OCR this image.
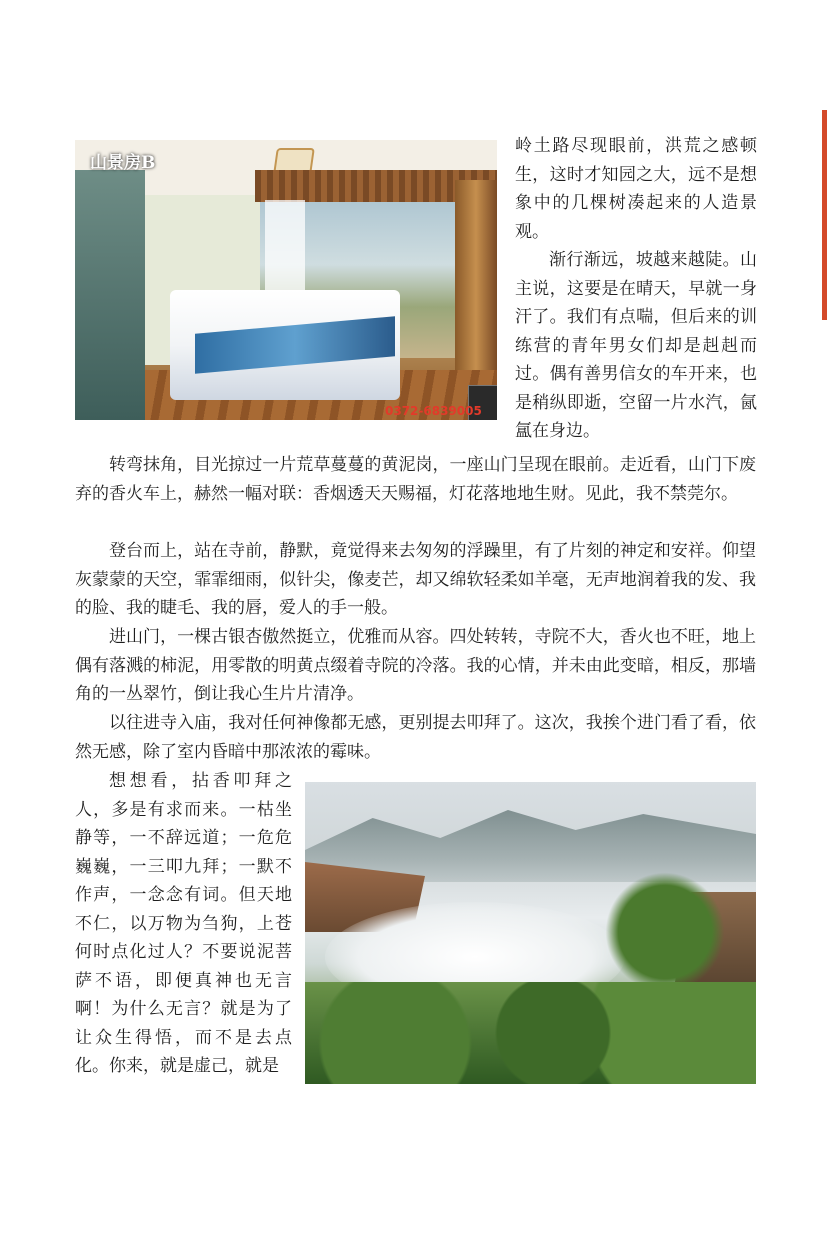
山景房B
0372-6839005

岭土路尽现眼前，洪荒之感顿生，这时才知园之大，远不是想象中的几棵树凑起来的人造景观。

渐行渐远，坡越来越陡。山主说，这要是在晴天，早就一身汗了。我们有点喘，但后来的训练营的青年男女们却是赳赳而过。偶有善男信女的车开来，也是稍纵即逝，空留一片水汽，氤氲在身边。

转弯抹角，目光掠过一片荒草蔓蔓的黄泥岗，一座山门呈现在眼前。走近看，山门下废弃的香火车上，赫然一幅对联：香烟透天天赐福，灯花落地地生财。见此，我不禁莞尔。

登台而上，站在寺前，静默，竟觉得来去匆匆的浮躁里，有了片刻的神定和安祥。仰望灰蒙蒙的天空，霏霏细雨，似针尖，像麦芒，却又绵软轻柔如羊毫，无声地润着我的发、我的脸、我的睫毛、我的唇，爱人的手一般。

进山门，一棵古银杏傲然挺立，优雅而从容。四处转转，寺院不大，香火也不旺，地上偶有落溅的柿泥，用零散的明黄点缀着寺院的冷落。我的心情，并未由此变暗，相反，那墙角的一丛翠竹，倒让我心生片片清净。

以往进寺入庙，我对任何神像都无感，更别提去叩拜了。这次，我挨个进门看了看，依然无感，除了室内昏暗中那浓浓的霉味。

想想看，拈香叩拜之人，多是有求而来。一枯坐静等，一不辞远道；一危危巍巍，一三叩九拜；一默不作声，一念念有词。但天地不仁，以万物为刍狗，上苍何时点化过人？不要说泥菩萨不语，即便真神也无言啊！为什么无言？就是为了让众生得悟，而不是去点化。你来，就是虚己，就是
